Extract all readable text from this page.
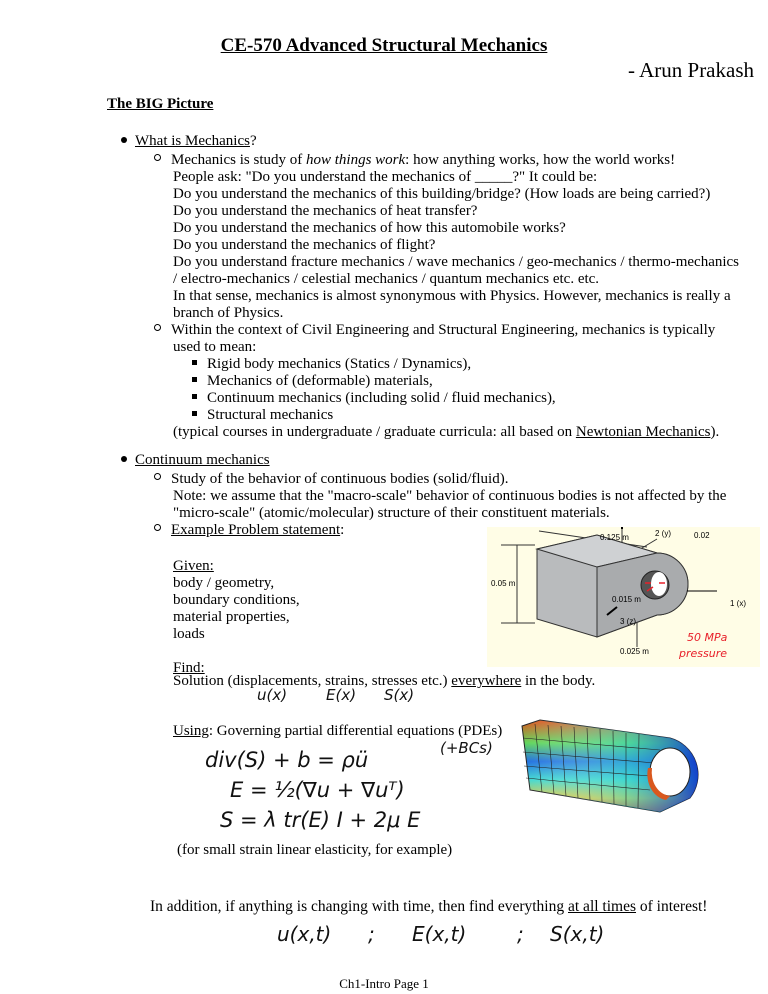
CE-570 Advanced Structural Mechanics
- Arun Prakash
The BIG Picture
What is Mechanics?
Mechanics is study of how things work: how anything works, how the world works!
People ask: "Do you understand the mechanics of _____?" It could be:
Do you understand the mechanics of this building/bridge? (How loads are being carried?)
Do you understand the mechanics of heat transfer?
Do you understand the mechanics of how this automobile works?
Do you understand the mechanics of flight?
Do you understand fracture mechanics / wave mechanics / geo-mechanics / thermo-mechanics
/ electro-mechanics / celestial mechanics / quantum mechanics etc. etc.
In that sense, mechanics is almost synonymous with Physics. However, mechanics is really a
branch of Physics.
Within the context of Civil Engineering and Structural Engineering, mechanics is typically
used to mean:
Rigid body mechanics (Statics / Dynamics),
Mechanics of (deformable) materials,
Continuum mechanics (including solid / fluid mechanics),
Structural mechanics
(typical courses in undergraduate / graduate curricula: all based on Newtonian Mechanics).
Continuum mechanics
Study of the behavior of continuous bodies (solid/fluid).
Note: we assume that the "macro-scale" behavior of continuous bodies is not affected by the
"micro-scale" (atomic/molecular) structure of their constituent materials.
Example Problem statement:
Given:
body / geometry,
boundary conditions,
material properties,
loads
Find:
Solution (displacements, strains, stresses etc.) everywhere in the body.
u(x)	E(x) S(x)
Using: Governing partial differential equations (PDEs)
(+BCs)
div(S) + b = ρü
E = ½(∇u + ∇uᵀ)
S = λ tr(E) I + 2μ E
(for small strain linear elasticity, for example)
In addition, if anything is changing with time, then find everything at all times of interest!
u(x,t) ; E(x,t)	; S(x,t)
0.125 m
0.05 m
0.015 m
0.025 m
0.02
2 (y)
1 (x)
3 (z)
50 MPa
pressure
Ch1-Intro Page 1
